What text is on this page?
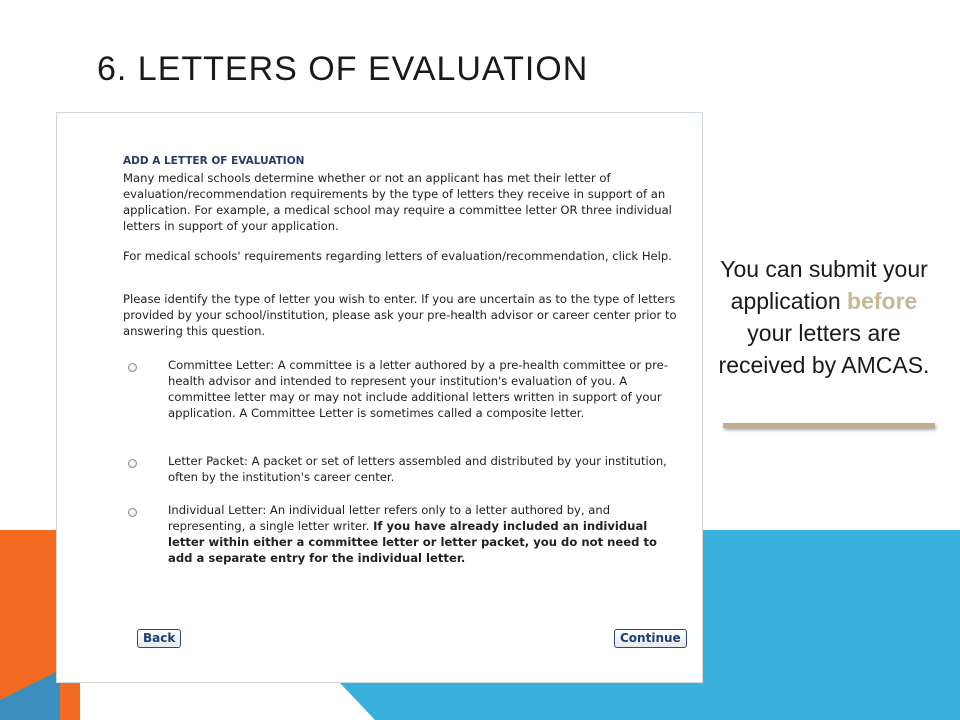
6. LETTERS OF EVALUATION
ADD A LETTER OF EVALUATION
Many medical schools determine whether or not an applicant has met their letter of evaluation/recommendation requirements by the type of letters they receive in support of an application. For example, a medical school may require a committee letter OR three individual letters in support of your application.
For medical schools' requirements regarding letters of evaluation/recommendation, click Help.
Please identify the type of letter you wish to enter. If you are uncertain as to the type of letters provided by your school/institution, please ask your pre-health advisor or career center prior to answering this question.
Committee Letter: A committee is a letter authored by a pre-health committee or pre-health advisor and intended to represent your institution's evaluation of you. A committee letter may or may not include additional letters written in support of your application. A Committee Letter is sometimes called a composite letter.
Letter Packet: A packet or set of letters assembled and distributed by your institution, often by the institution's career center.
Individual Letter: An individual letter refers only to a letter authored by, and representing, a single letter writer. If you have already included an individual letter within either a committee letter or letter packet, you do not need to add a separate entry for the individual letter.
Back	Continue
You can submit your application before your letters are received by AMCAS.
